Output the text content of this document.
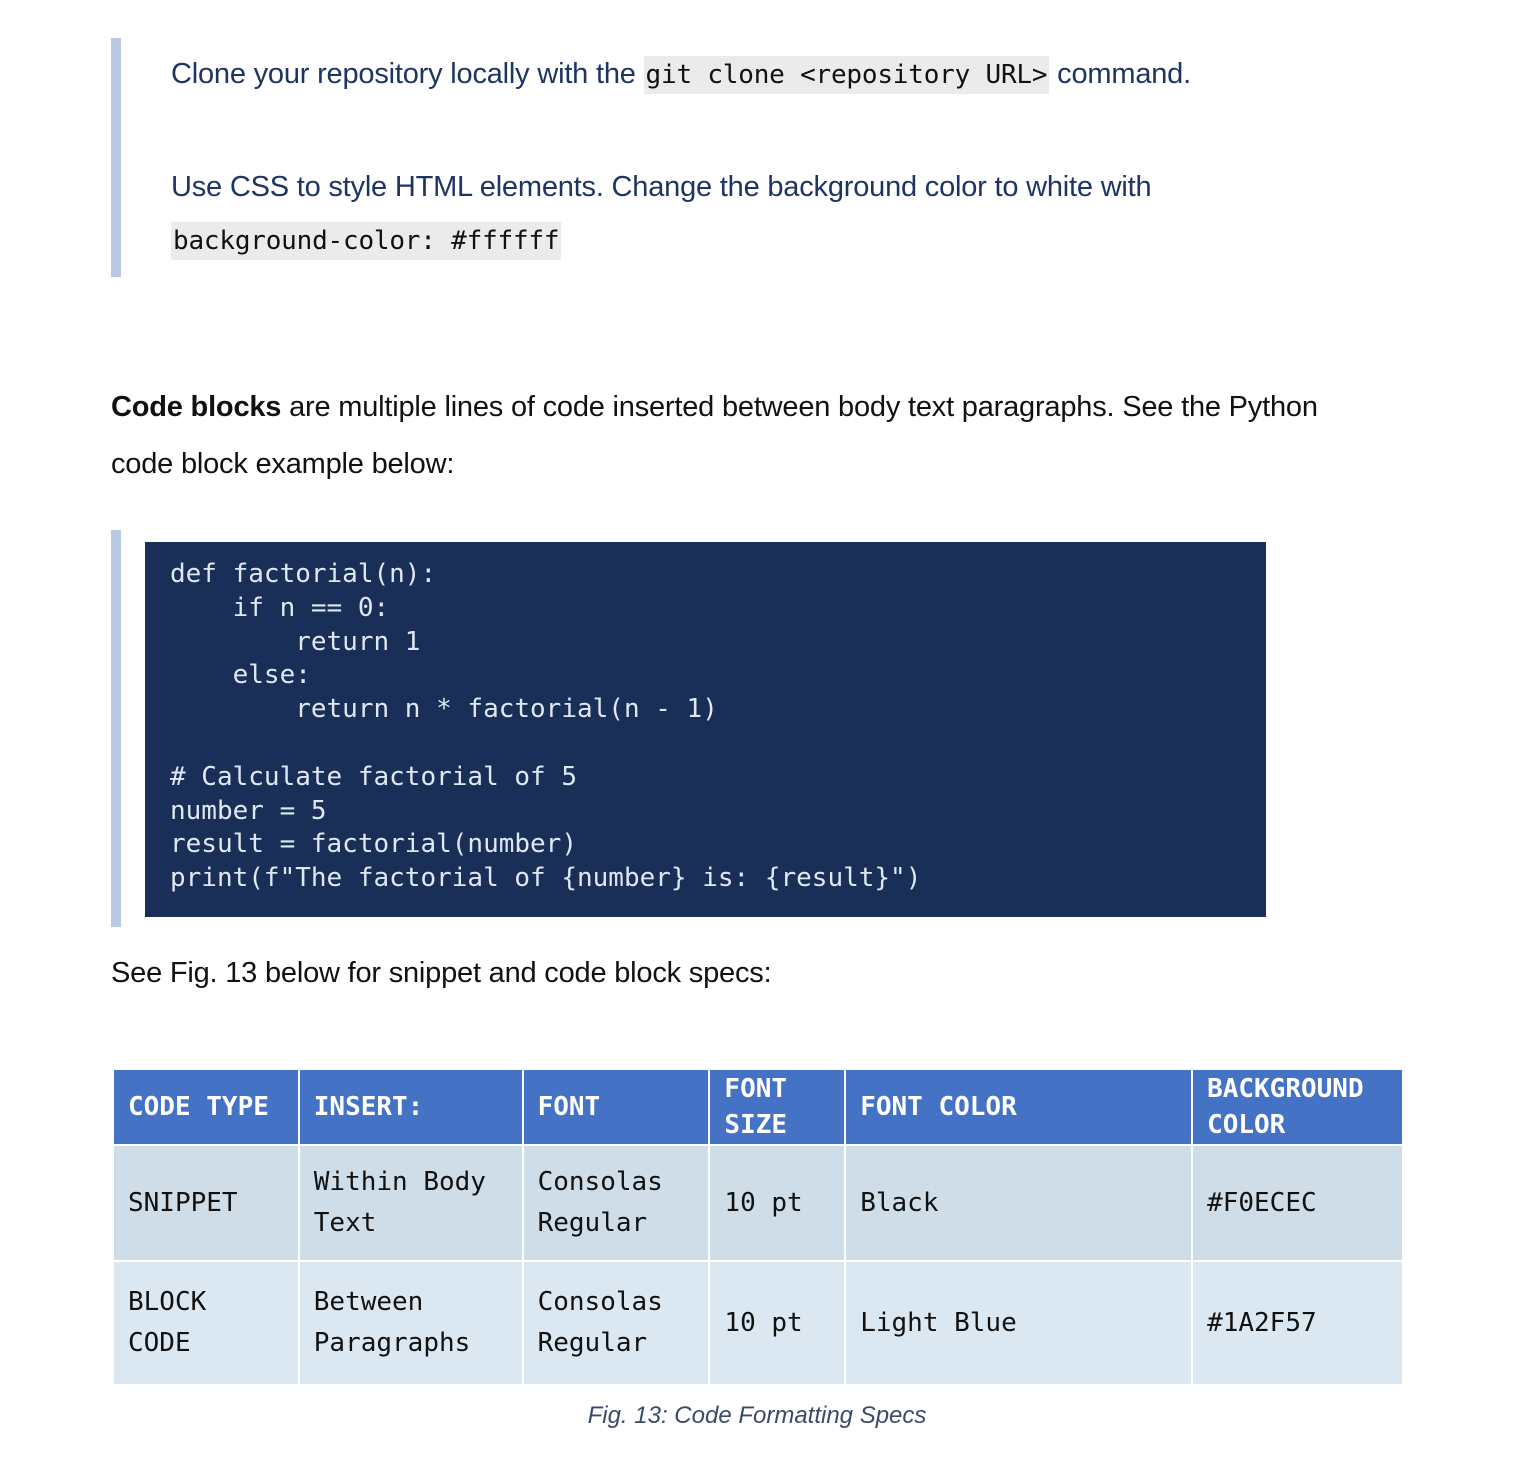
Clone your repository locally with the git clone <repository URL> command.
Use CSS to style HTML elements. Change the background color to white with
background-color: #ffffff
Code blocks are multiple lines of code inserted between body text paragraphs. See the Python
code block example below:
def factorial(n):
if n == 0:
return 1
else:
return n * factorial(n - 1)

# Calculate factorial of 5
number = 5
result = factorial(number)
print(f"The factorial of {number} is: {result}")
See Fig. 13 below for snippet and code block specs:
CODE TYPE	INSERT:	FONT	FONT SIZE	FONT COLOR	BACKGROUND COLOR
SNIPPET	Within Body Text	Consolas Regular	10 pt	Black	#F0ECEC
BLOCK CODE	Between Paragraphs	Consolas Regular	10 pt	Light Blue	#1A2F57
Fig. 13: Code Formatting Specs
